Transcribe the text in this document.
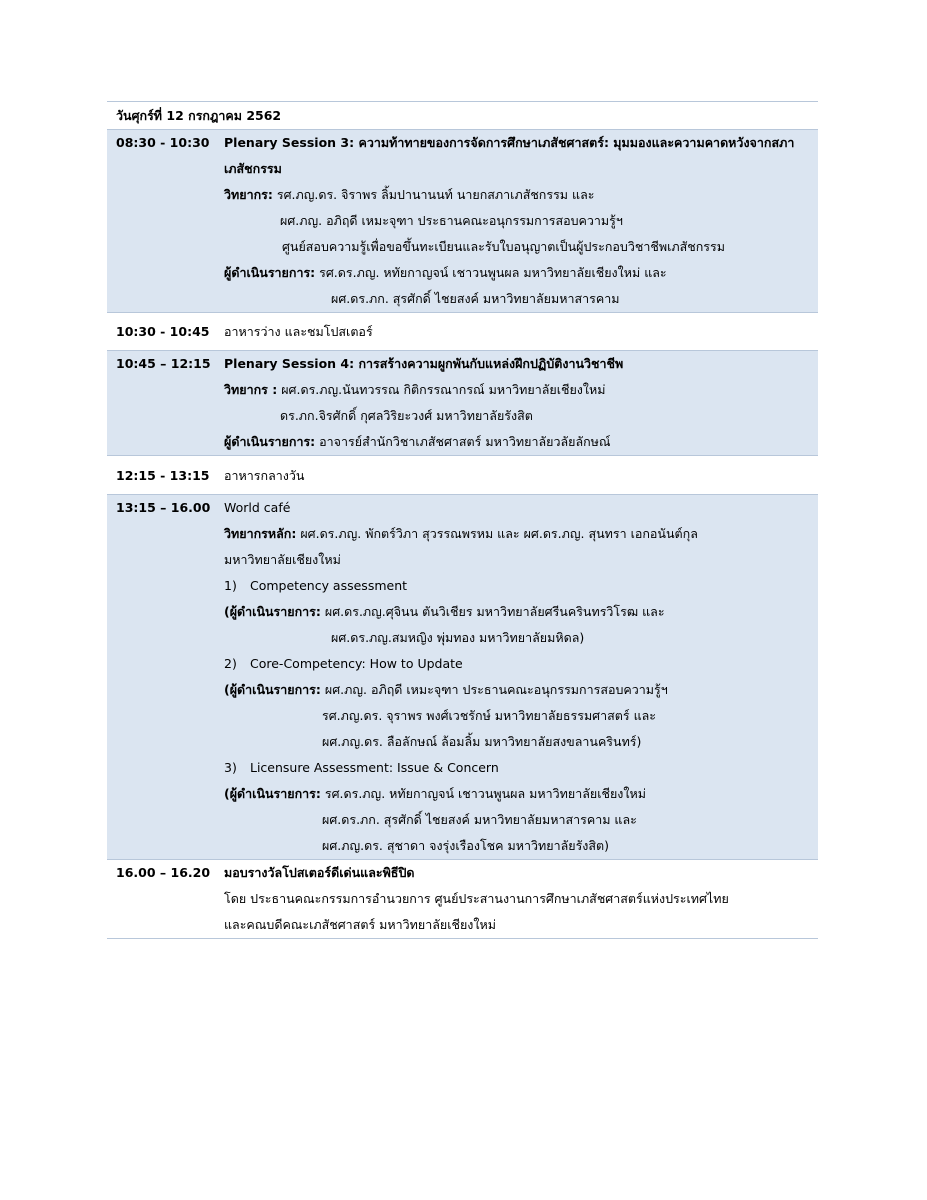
วันศุกร์ที่ 12 กรกฎาคม 2562
08:30 - 10:30	Plenary Session 3: ความท้าทายของการจัดการศึกษาเภสัชศาสตร์: มุมมองและความคาดหวังจากสภา
เภสัชกรรม
วิทยากร: รศ.ภญ.ดร. จิราพร ลิ้มปานานนท์ นายกสภาเภสัชกรรม และ
ผศ.ภญ. อภิฤดี เหมะจุฑา ประธานคณะอนุกรรมการสอบความรู้ฯ
ศูนย์สอบความรู้เพื่อขอขึ้นทะเบียนและรับใบอนุญาตเป็นผู้ประกอบวิชาชีพเภสัชกรรม
ผู้ดำเนินรายการ: รศ.ดร.ภญ. หทัยกาญจน์ เชาวนพูนผล มหาวิทยาลัยเชียงใหม่ และ
ผศ.ดร.ภก. สุรศักดิ์ ไชยสงค์ มหาวิทยาลัยมหาสารคาม
10:30 - 10:45	อาหารว่าง และชมโปสเตอร์
10:45 – 12:15	Plenary Session 4: การสร้างความผูกพันกับแหล่งฝึกปฏิบัติงานวิชาชีพ
วิทยากร : ผศ.ดร.ภญ.นันทวรรณ กิติกรรณากรณ์ มหาวิทยาลัยเชียงใหม่
ดร.ภก.จิรศักดิ์ กุศลวิริยะวงศ์ มหาวิทยาลัยรังสิต
ผู้ดำเนินรายการ: อาจารย์สำนักวิชาเภสัชศาสตร์ มหาวิทยาลัยวลัยลักษณ์
12:15 - 13:15	อาหารกลางวัน
13:15 – 16.00	World café
วิทยากรหลัก: ผศ.ดร.ภญ. พักตร์วิภา สุวรรณพรหม และ ผศ.ดร.ภญ. สุนทรา เอกอนันต์กุล
มหาวิทยาลัยเชียงใหม่
1) Competency assessment
(ผู้ดำเนินรายการ: ผศ.ดร.ภญ.ศุจินน ตันวิเชียร มหาวิทยาลัยศรีนครินทรวิโรฒ และ
ผศ.ดร.ภญ.สมหญิง พุ่มทอง มหาวิทยาลัยมหิดล)
2) Core-Competency: How to Update
(ผู้ดำเนินรายการ: ผศ.ภญ. อภิฤดี เหมะจุฑา ประธานคณะอนุกรรมการสอบความรู้ฯ
รศ.ภญ.ดร. จุราพร พงศ์เวชรักษ์ มหาวิทยาลัยธรรมศาสตร์ และ
ผศ.ภญ.ดร. ลือลักษณ์ ล้อมลิ้ม มหาวิทยาลัยสงขลานครินทร์)
3) Licensure Assessment: Issue & Concern
(ผู้ดำเนินรายการ: รศ.ดร.ภญ. หทัยกาญจน์ เชาวนพูนผล มหาวิทยาลัยเชียงใหม่
ผศ.ดร.ภก. สุรศักดิ์ ไชยสงค์ มหาวิทยาลัยมหาสารคาม และ
ผศ.ภญ.ดร. สุชาดา จงรุ่งเรืองโชค มหาวิทยาลัยรังสิต)
16.00 – 16.20	มอบรางวัลโปสเตอร์ดีเด่นและพิธีปิด
โดย ประธานคณะกรรมการอำนวยการ ศูนย์ประสานงานการศึกษาเภสัชศาสตร์แห่งประเทศไทย
และคณบดีคณะเภสัชศาสตร์ มหาวิทยาลัยเชียงใหม่
